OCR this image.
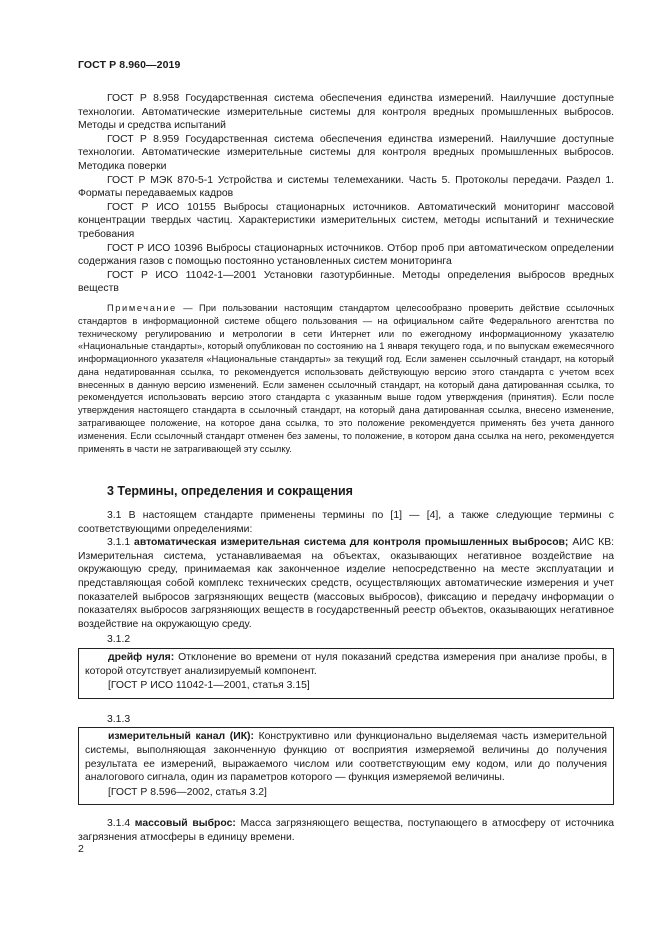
ГОСТ Р 8.960—2019

ГОСТ Р 8.958 Государственная система обеспечения единства измерений. Наилучшие доступные технологии. Автоматические измерительные системы для контроля вредных промышленных выбросов. Методы и средства испытаний

ГОСТ Р 8.959 Государственная система обеспечения единства измерений. Наилучшие доступные технологии. Автоматические измерительные системы для контроля вредных промышленных выбросов. Методика поверки

ГОСТ Р МЭК 870-5-1 Устройства и системы телемеханики. Часть 5. Протоколы передачи. Раздел 1. Форматы передаваемых кадров

ГОСТ Р ИСО 10155 Выбросы стационарных источников. Автоматический мониторинг массовой концентрации твердых частиц. Характеристики измерительных систем, методы испытаний и технические требования

ГОСТ Р ИСО 10396 Выбросы стационарных источников. Отбор проб при автоматическом определении содержания газов с помощью постоянно установленных систем мониторинга

ГОСТ Р ИСО 11042-1—2001 Установки газотурбинные. Методы определения выбросов вредных веществ

Примечание — При пользовании настоящим стандартом целесообразно проверить действие ссылочных стандартов в информационной системе общего пользования — на официальном сайте Федерального агентства по техническому регулированию и метрологии в сети Интернет или по ежегодному информационному указателю «Национальные стандарты», который опубликован по состоянию на 1 января текущего года, и по выпускам ежемесячного информационного указателя «Национальные стандарты» за текущий год. Если заменен ссылочный стандарт, на который дана недатированная ссылка, то рекомендуется использовать действующую версию этого стандарта с учетом всех внесенных в данную версию изменений. Если заменен ссылочный стандарт, на который дана датированная ссылка, то рекомендуется использовать версию этого стандарта с указанным выше годом утверждения (принятия). Если после утверждения настоящего стандарта в ссылочный стандарт, на который дана датированная ссылка, внесено изменение, затрагивающее положение, на которое дана ссылка, то это положение рекомендуется применять без учета данного изменения. Если ссылочный стандарт отменен без замены, то положение, в котором дана ссылка на него, рекомендуется применять в части не затрагивающей эту ссылку.

3 Термины, определения и сокращения

3.1 В настоящем стандарте применены термины по [1] — [4], а также следующие термины с соответствующими определениями:

3.1.1 автоматическая измерительная система для контроля промышленных выбросов; АИС КВ: Измерительная система, устанавливаемая на объектах, оказывающих негативное воздействие на окружающую среду, принимаемая как законченное изделие непосредственно на месте эксплуатации и представляющая собой комплекс технических средств, осуществляющих автоматические измерения и учет показателей выбросов загрязняющих веществ (массовых выбросов), фиксацию и передачу информации о показателях выбросов загрязняющих веществ в государственный реестр объектов, оказывающих негативное воздействие на окружающую среду.

3.1.2

дрейф нуля: Отклонение во времени от нуля показаний средства измерения при анализе пробы, в которой отсутствует анализируемый компонент.

[ГОСТ Р ИСО 11042-1—2001, статья 3.15]
3.1.3

измерительный канал (ИК): Конструктивно или функционально выделяемая часть измерительной системы, выполняющая законченную функцию от восприятия измеряемой величины до получения результата ее измерений, выражаемого числом или соответствующим ему кодом, или до получения аналогового сигнала, один из параметров которого — функция измеряемой величины.

[ГОСТ Р 8.596—2002, статья 3.2]

3.1.4 массовый выброс: Масса загрязняющего вещества, поступающего в атмосферу от источника загрязнения атмосферы в единицу времени.

2
